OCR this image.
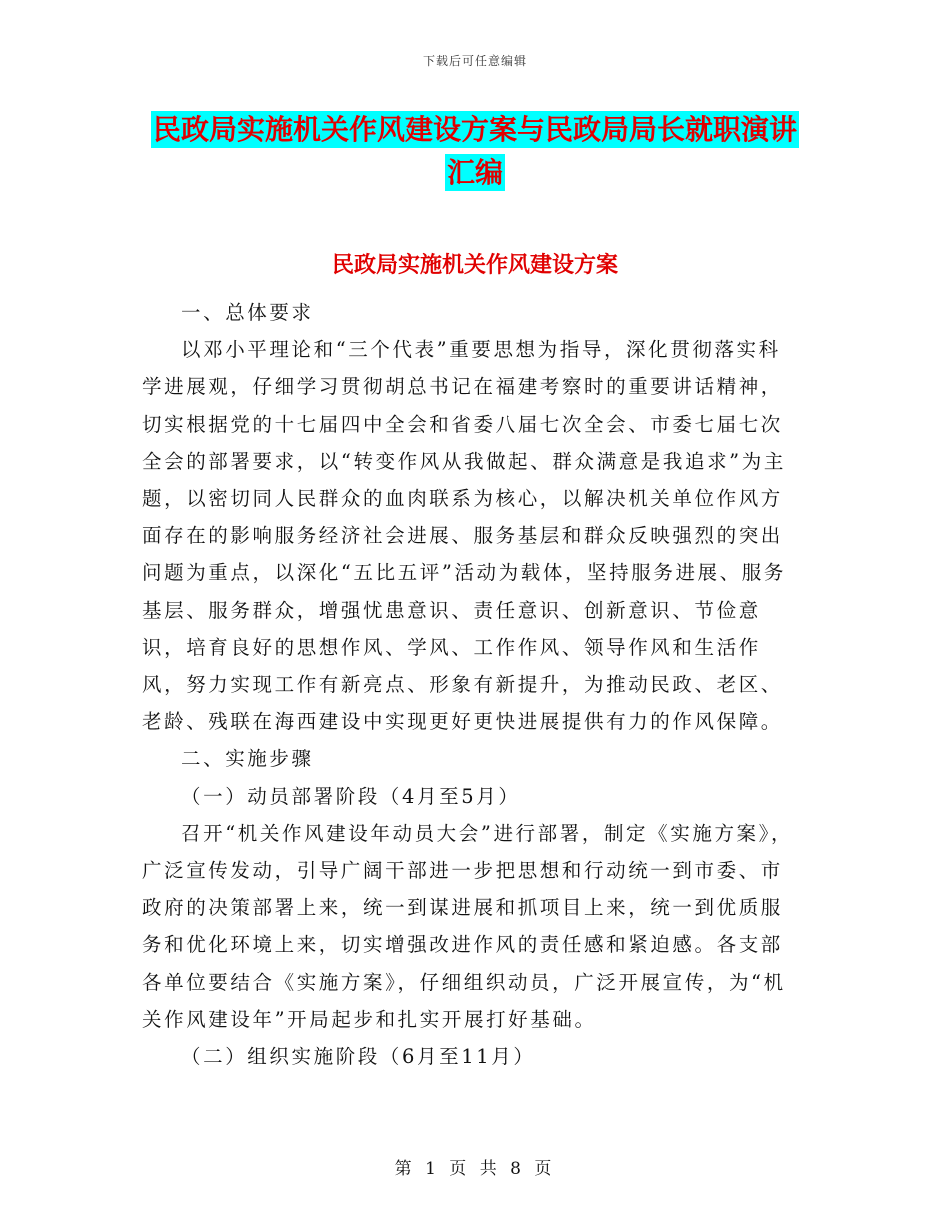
下载后可任意编辑
民政局实施机关作风建设方案与民政局局长就职演讲
汇编
民政局实施机关作风建设方案

一、总体要求

以邓小平理论和“三个代表”重要思想为指导，深化贯彻落实科学进展观，仔细学习贯彻胡总书记在福建考察时的重要讲话精神，切实根据党的十七届四中全会和省委八届七次全会、市委七届七次全会的部署要求，以“转变作风从我做起、群众满意是我追求”为主题，以密切同人民群众的血肉联系为核心，以解决机关单位作风方面存在的影响服务经济社会进展、服务基层和群众反映强烈的突出问题为重点，以深化“五比五评”活动为载体，坚持服务进展、服务基层、服务群众，增强忧患意识、责任意识、创新意识、节俭意识，培育良好的思想作风、学风、工作作风、领导作风和生活作风，努力实现工作有新亮点、形象有新提升，为推动民政、老区、老龄、残联在海西建设中实现更好更快进展提供有力的作风保障。

二、实施步骤

（一）动员部署阶段（4月至5月）

召开“机关作风建设年动员大会”进行部署，制定《实施方案》，广泛宣传发动，引导广阔干部进一步把思想和行动统一到市委、市政府的决策部署上来，统一到谋进展和抓项目上来，统一到优质服务和优化环境上来，切实增强改进作风的责任感和紧迫感。各支部各单位要结合《实施方案》，仔细组织动员，广泛开展宣传，为“机关作风建设年”开局起步和扎实开展打好基础。

（二）组织实施阶段（6月至11月）

第 1 页 共 8 页
